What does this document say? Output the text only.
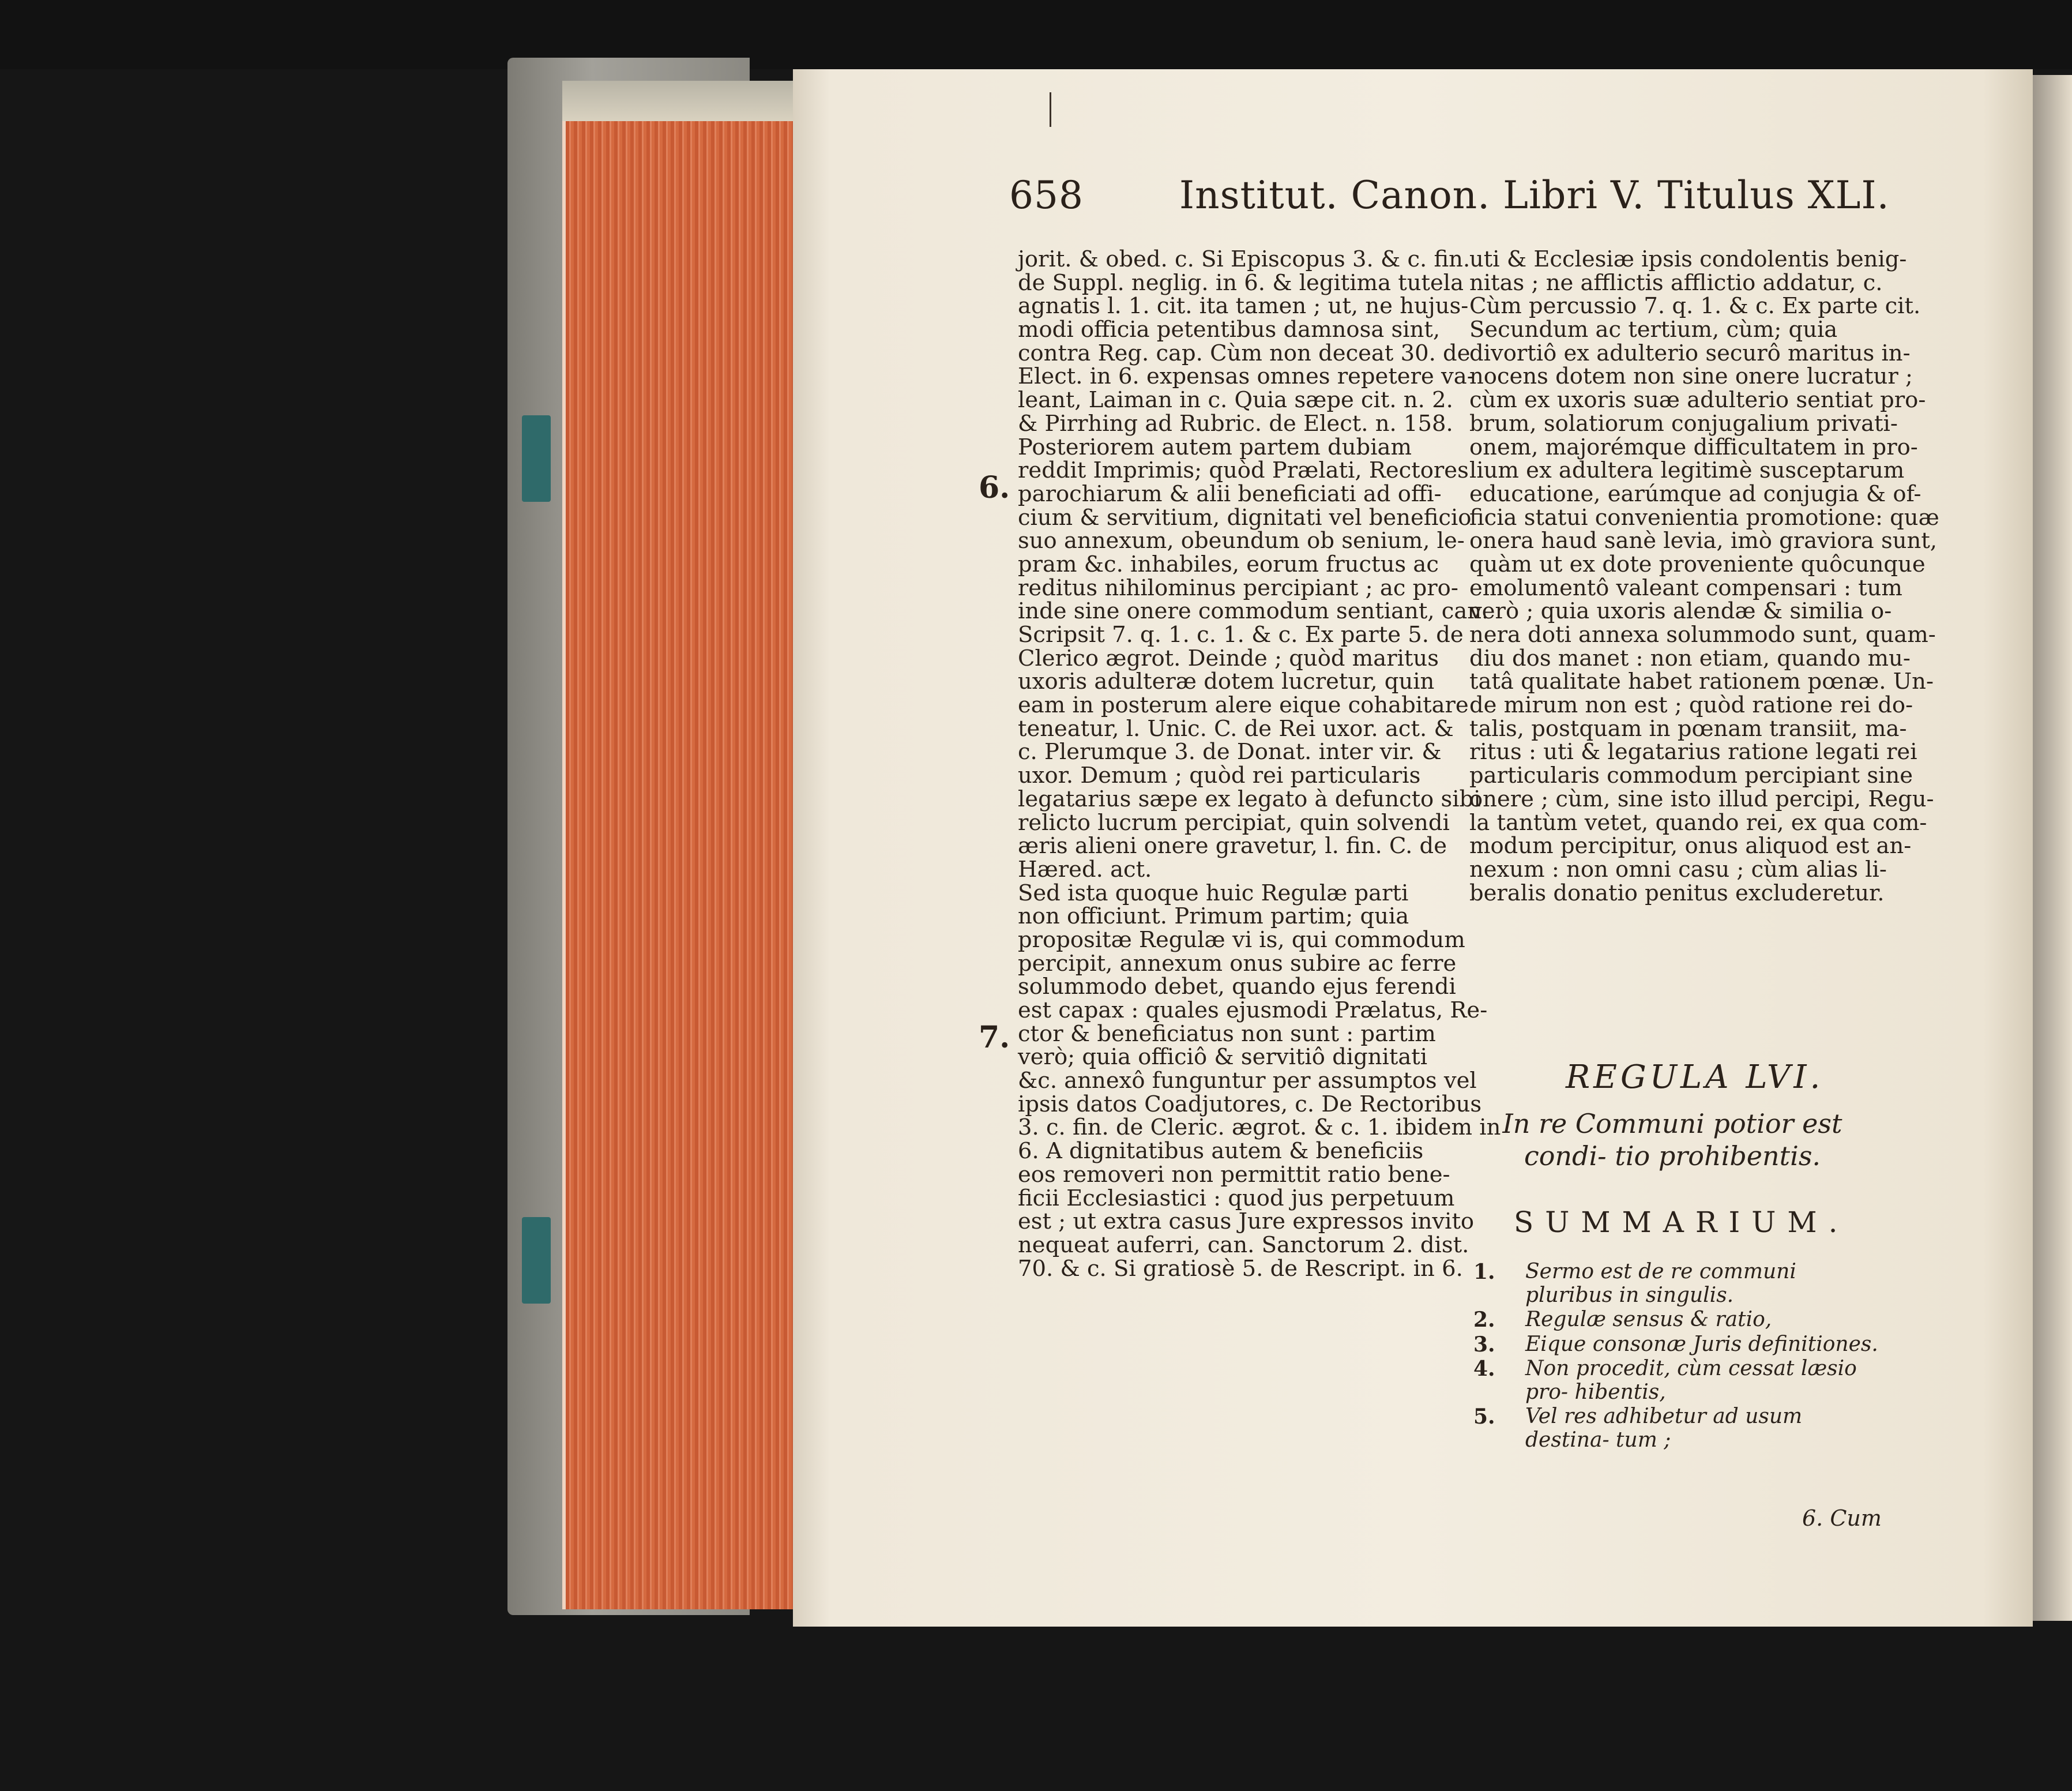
658	Institut. Canon. Libri V. Titulus XLI.
6.
7.
jorit. & obed. c. Si Episcopus 3. & c. fin.
de Suppl. neglig. in 6. & legitima tutela
agnatis l. 1. cit. ita tamen ; ut, ne hujus-
modi officia petentibus damnosa sint,
contra Reg. cap. Cùm non deceat 30. de
Elect. in 6. expensas omnes repetere va-
leant, Laiman in c. Quia sæpe cit. n. 2.
& Pirrhing ad Rubric. de Elect. n. 158.
Posteriorem autem partem dubiam
reddit Imprimis; quòd Prælati, Rectores
parochiarum & alii beneficiati ad offi-
cium & servitium, dignitati vel beneficio
suo annexum, obeundum ob senium, le-
pram &c. inhabiles, eorum fructus ac
reditus nihilominus percipiant ; ac pro-
inde sine onere commodum sentiant, can.
Scripsit 7. q. 1. c. 1. & c. Ex parte 5. de
Clerico ægrot. Deinde ; quòd maritus
uxoris adulteræ dotem lucretur, quin
eam in posterum alere eique cohabitare
teneatur, l. Unic. C. de Rei uxor. act. &
c. Plerumque 3. de Donat. inter vir. &
uxor. Demum ; quòd rei particularis
legatarius sæpe ex legato à defuncto sibi
relicto lucrum percipiat, quin solvendi
æris alieni onere gravetur, l. fin. C. de
Hæred. act.
Sed ista quoque huic Regulæ parti
non officiunt. Primum partim; quia
propositæ Regulæ vi is, qui commodum
percipit, annexum onus subire ac ferre
solummodo debet, quando ejus ferendi
est capax : quales ejusmodi Prælatus, Re-
ctor & beneficiatus non sunt : partim
verò; quia officiô & servitiô dignitati
&c. annexô funguntur per assumptos vel
ipsis datos Coadjutores, c. De Rectoribus
3. c. fin. de Cleric. ægrot. & c. 1. ibidem in
6. A dignitatibus autem & beneficiis
eos removeri non permittit ratio bene-
ficii Ecclesiastici : quod jus perpetuum
est ; ut extra casus Jure expressos invito
nequeat auferri, can. Sanctorum 2. dist.
70. & c. Si gratiosè 5. de Rescript. in 6.
uti & Ecclesiæ ipsis condolentis benig-
nitas ; ne afflictis afflictio addatur, c.
Cùm percussio 7. q. 1. & c. Ex parte cit.
Secundum ac tertium, cùm; quia
divortiô ex adulterio securô maritus in-
nocens dotem non sine onere lucratur ;
cùm ex uxoris suæ adulterio sentiat pro-
brum, solatiorum conjugalium privati-
onem, majorémque difficultatem in pro-
lium ex adultera legitimè susceptarum
educatione, earúmque ad conjugia & of-
ficia statui convenientia promotione: quæ
onera haud sanè levia, imò graviora sunt,
quàm ut ex dote proveniente quôcunque
emolumentô valeant compensari : tum
verò ; quia uxoris alendæ & similia o-
nera doti annexa solummodo sunt, quam-
diu dos manet : non etiam, quando mu-
tatâ qualitate habet rationem pœnæ. Un-
de mirum non est ; quòd ratione rei do-
talis, postquam in pœnam transiit, ma-
ritus : uti & legatarius ratione legati rei
particularis commodum percipiant sine
onere ; cùm, sine isto illud percipi, Regu-
la tantùm vetet, quando rei, ex qua com-
modum percipitur, onus aliquod est an-
nexum : non omni casu ; cùm alias li-
beralis donatio penitus excluderetur.
REGULA LVI.
In re Communi potior est condi- tio prohibentis.
SUMMARIUM.
1. Sermo est de re communi pluribus in singulis.
2. Regulæ sensus & ratio,
3. Eique consonæ Juris definitiones.
4. Non procedit, cùm cessat læsio pro- hibentis,
5. Vel res adhibetur ad usum destina- tum ;
6. Cum
